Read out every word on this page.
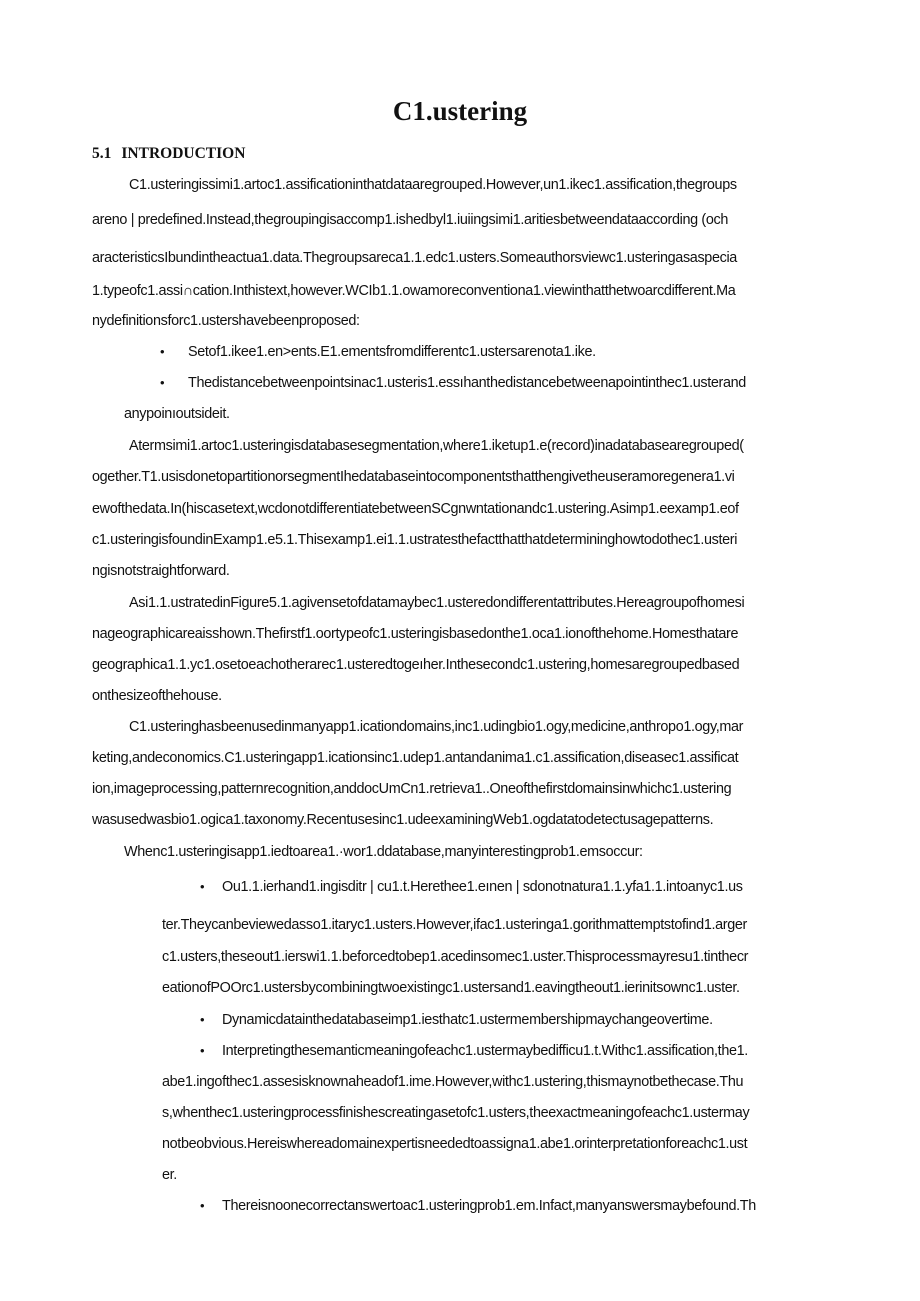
C1.ustering
5.1 INTRODUCTION

C1.usteringissimi1.artoc1.assificationinthatdataaregrouped.However,un1.ikec1.assification,thegroups

areno | predefined.Instead,thegroupingisaccomp1.ishedbyl1.iuiingsimi1.aritiesbetweendataaccording (och

aracteristicsIbundintheactua1.data.Thegroupsareca1.1.edc1.usters.Someauthorsviewc1.usteringasaspecia

1.typeofc1.assi∩cation.Inthistext,however.WCIb1.1.owamoreconventiona1.viewinthatthetwoarcdifferent.Ma

nydefinitionsforc1.ustershavebeenproposed:

• Setof1.ikee1.en>ents.E1.ementsfromdifferentc1.ustersarenota1.ike.

• Thedistancebetweenpointsinac1.usteris1.essıhanthedistancebetweenapointinthec1.usterand

anypoinıoutsideit.

Atermsimi1.artoc1.usteringisdatabasesegmentation,where1.iketup1.e(record)inadatabasearegrouped(

ogether.T1.usisdonetopartitionorsegmentIhedatabaseintocomponentsthatthengivetheuseramoregenera1.vi

ewofthedata.In(hiscasetext,wcdonotdifferentiatebetweenSCgnwntationandc1.ustering.Asimp1.eexamp1.eof

c1.usteringisfoundinExamp1.e5.1.Thisexamp1.ei1.1.ustratesthefactthatthatdetermininghowtodothec1.usteri

ngisnotstraightforward.

Asi1.1.ustratedinFigure5.1.agivensetofdatamaybec1.usteredondifferentattributes.Hereagroupofhomesi

nageographicareaisshown.Thefirstf1.oortypeofc1.usteringisbasedonthe1.oca1.ionofthehome.Homesthatare

geographica1.1.yc1.osetoeachotherarec1.usteredtogeıher.Inthesecondc1.ustering,homesaregroupedbased

onthesizeofthehouse.

C1.usteringhasbeenusedinmanyapp1.icationdomains,inc1.udingbio1.ogy,medicine,anthropo1.ogy,mar

keting,andeconomics.C1.usteringapp1.icationsinc1.udep1.antandanima1.c1.assification,diseasec1.assificat

ion,imageprocessing,patternrecognition,anddocUmCn1.retrieva1..Oneofthefirstdomainsinwhichc1.ustering

wasusedwasbio1.ogica1.taxonomy.Recentusesinc1.udeexaminingWeb1.ogdatatodetectusagepatterns.

Whenc1.usteringisapp1.iedtoarea1.·wor1.ddatabase,manyinterestingprob1.emsoccur:

• Ou1.1.ierhand1.ingisditr | cu1.t.Herethee1.eınen | sdonotnatura1.1.yfa1.1.intoanyc1.us

ter.Theycanbeviewedasso1.itaryc1.usters.However,ifac1.usteringa1.gorithmattemptstofind1.arger

c1.usters,theseout1.ierswi1.1.beforcedtobep1.acedinsomec1.uster.Thisprocessmayresu1.tinthecr

eationofPOOrc1.ustersbycombiningtwoexistingc1.ustersand1.eavingtheout1.ierinitsownc1.uster.

• Dynamicdatainthedatabaseimp1.iesthatc1.ustermembershipmaychangeovertime.

• Interpretingthesemanticmeaningofeachc1.ustermaybedifficu1.t.Withc1.assification,the1.

abe1.ingofthec1.assesisknownaheadof1.ime.However,withc1.ustering,thismaynotbethecase.Thu

s,whenthec1.usteringprocessfinishescreatingasetofc1.usters,theexactmeaningofeachc1.ustermay

notbeobvious.Hereiswhereadomainexpertisneededtoassigna1.abe1.orinterpretationforeachc1.ust

er.

• Thereisnoonecorrectanswertoac1.usteringprob1.em.Infact,manyanswersmaybefound.Th
